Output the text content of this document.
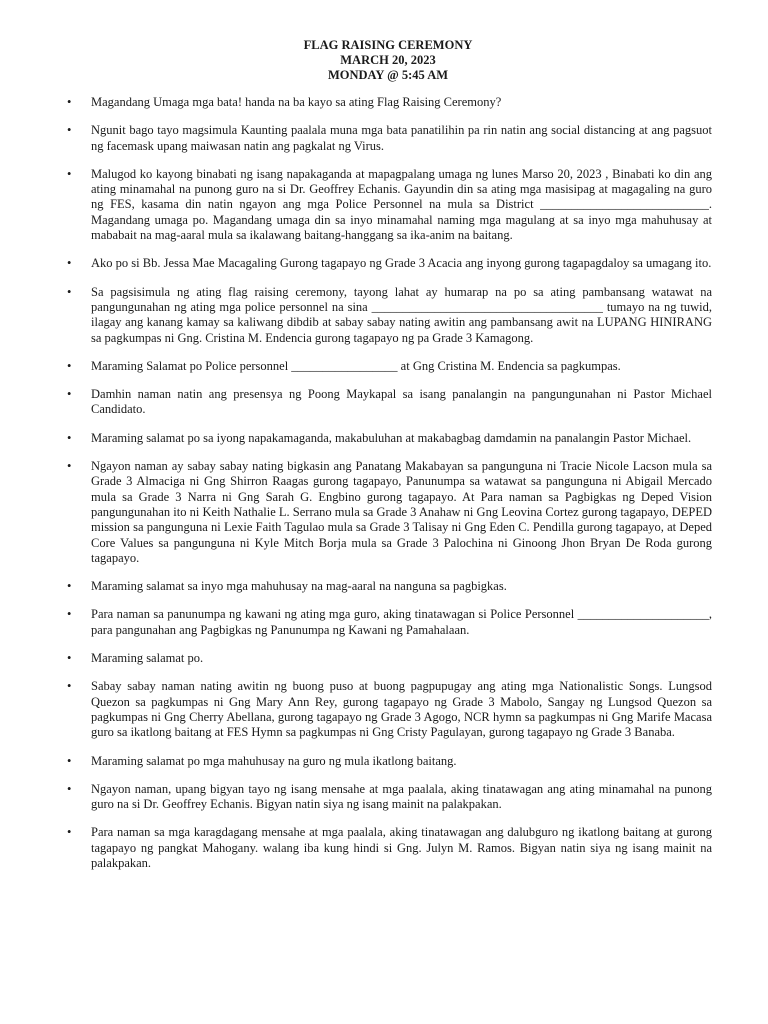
FLAG RAISING CEREMONY
MARCH 20, 2023
MONDAY @ 5:45 AM
• Magandang Umaga mga bata! handa na ba kayo sa ating Flag Raising Ceremony?
• Ngunit bago tayo magsimula Kaunting paalala muna mga bata panatilihin pa rin natin ang social distancing at ang pagsuot ng facemask upang maiwasan natin ang pagkalat ng Virus.
• Malugod ko kayong binabati ng isang napakaganda at mapagpalang umaga ng lunes Marso 20, 2023 , Binabati ko din ang ating minamahal na punong guro na si Dr. Geoffrey Echanis. Gayundin din sa ating mga masisipag at magagaling na guro ng FES, kasama din natin ngayon ang mga Police Personnel na mula sa District ___________________________. Magandang umaga po. Magandang umaga din sa inyo minamahal naming mga magulang at sa inyo mga mahuhusay at mababait na mag-aaral mula sa ikalawang baitang-hanggang sa ika-anim na baitang.
• Ako po si Bb. Jessa Mae Macagaling Gurong tagapayo ng Grade 3 Acacia ang inyong gurong tagapagdaloy sa umagang ito.
• Sa pagsisimula ng ating flag raising ceremony, tayong lahat ay humarap na po sa ating pambansang watawat na pangungunahan ng ating mga police personnel na sina _____________________________________ tumayo na ng tuwid, ilagay ang kanang kamay sa kaliwang dibdib at sabay sabay nating awitin ang pambansang awit na LUPANG HINIRANG sa pagkumpas ni Gng. Cristina M. Endencia gurong tagapayo ng pa Grade 3 Kamagong.
• Maraming Salamat po Police personnel _________________ at Gng Cristina M. Endencia sa pagkumpas.
• Damhin naman natin ang presensya ng Poong Maykapal sa isang panalangin na pangungunahan ni Pastor Michael Candidato.
• Maraming salamat po sa iyong napakamaganda, makabuluhan at makabagbag damdamin na panalangin Pastor Michael.
• Ngayon naman ay sabay sabay nating bigkasin ang Panatang Makabayan sa pangunguna ni Tracie Nicole Lacson mula sa Grade 3 Almaciga ni Gng Shirron Raagas gurong tagapayo, Panunumpa sa watawat sa pangunguna ni Abigail Mercado mula sa Grade 3 Narra ni Gng Sarah G. Engbino gurong tagapayo. At Para naman sa Pagbigkas ng Deped Vision pangungunahan ito ni Keith Nathalie L. Serrano mula sa Grade 3 Anahaw ni Gng Leovina Cortez gurong tagapayo, DEPED mission sa pangunguna ni Lexie Faith Tagulao mula sa Grade 3 Talisay ni Gng Eden C. Pendilla gurong tagapayo, at Deped Core Values sa pangunguna ni Kyle Mitch Borja mula sa Grade 3 Palochina ni Ginoong Jhon Bryan De Roda gurong tagapayo.
• Maraming salamat sa inyo mga mahuhusay na mag-aaral na nanguna sa pagbigkas.
• Para naman sa panunumpa ng kawani ng ating mga guro, aking tinatawagan si Police Personnel _____________________, para pangunahan ang Pagbigkas ng Panunumpa ng Kawani ng Pamahalaan.
• Maraming salamat po.
• Sabay sabay naman nating awitin ng buong puso at buong pagpupugay ang ating mga Nationalistic Songs. Lungsod Quezon sa pagkumpas ni Gng Mary Ann Rey, gurong tagapayo ng Grade 3 Mabolo, Sangay ng Lungsod Quezon sa pagkumpas ni Gng Cherry Abellana, gurong tagapayo ng Grade 3 Agogo, NCR hymn sa pagkumpas ni Gng Marife Macasa guro sa ikatlong baitang at FES Hymn sa pagkumpas ni Gng Cristy Pagulayan, gurong tagapayo ng Grade 3 Banaba.
• Maraming salamat po mga mahuhusay na guro ng mula ikatlong baitang.
• Ngayon naman, upang bigyan tayo ng isang mensahe at mga paalala, aking tinatawagan ang ating minamahal na punong guro na si Dr. Geoffrey Echanis. Bigyan natin siya ng isang mainit na palakpakan.
• Para naman sa mga karagdagang mensahe at mga paalala, aking tinatawagan ang dalubguro ng ikatlong baitang at gurong tagapayo ng pangkat Mahogany. walang iba kung hindi si Gng. Julyn M. Ramos. Bigyan natin siya ng isang mainit na palakpakan.
